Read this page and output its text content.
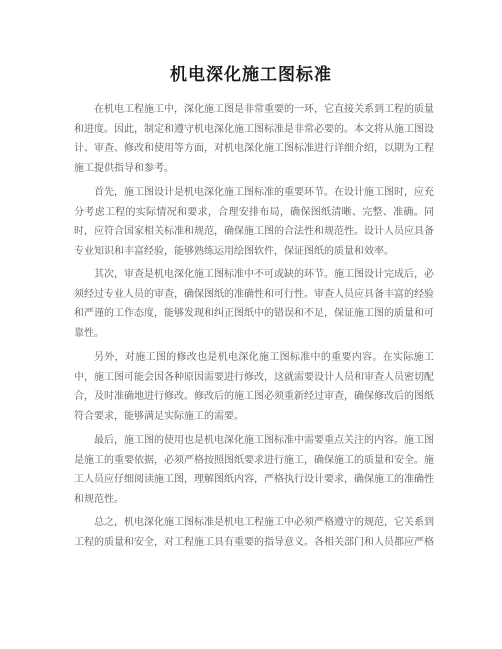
机电深化施工图标准

在机电工程施工中，深化施工图是非常重要的一环，它直接关系到工程的质量和进度。因此，制定和遵守机电深化施工图标准是非常必要的。本文将从施工图设计、审查、修改和使用等方面，对机电深化施工图标准进行详细介绍，以期为工程施工提供指导和参考。

首先，施工图设计是机电深化施工图标准的重要环节。在设计施工图时，应充分考虑工程的实际情况和要求，合理安排布局，确保图纸清晰、完整、准确。同时，应符合国家相关标准和规范，确保施工图的合法性和规范性。设计人员应具备专业知识和丰富经验，能够熟练运用绘图软件，保证图纸的质量和效率。

其次，审查是机电深化施工图标准中不可或缺的环节。施工图设计完成后，必须经过专业人员的审查，确保图纸的准确性和可行性。审查人员应具备丰富的经验和严谨的工作态度，能够发现和纠正图纸中的错误和不足，保证施工图的质量和可靠性。

另外，对施工图的修改也是机电深化施工图标准中的重要内容。在实际施工中，施工图可能会因各种原因需要进行修改，这就需要设计人员和审查人员密切配合，及时准确地进行修改。修改后的施工图必须重新经过审查，确保修改后的图纸符合要求，能够满足实际施工的需要。

最后，施工图的使用也是机电深化施工图标准中需要重点关注的内容。施工图是施工的重要依据，必须严格按照图纸要求进行施工，确保施工的质量和安全。施工人员应仔细阅读施工图，理解图纸内容，严格执行设计要求，确保施工的准确性和规范性。

总之，机电深化施工图标准是机电工程施工中必须严格遵守的规范，它关系到工程的质量和安全，对工程施工具有重要的指导意义。各相关部门和人员都应严格
